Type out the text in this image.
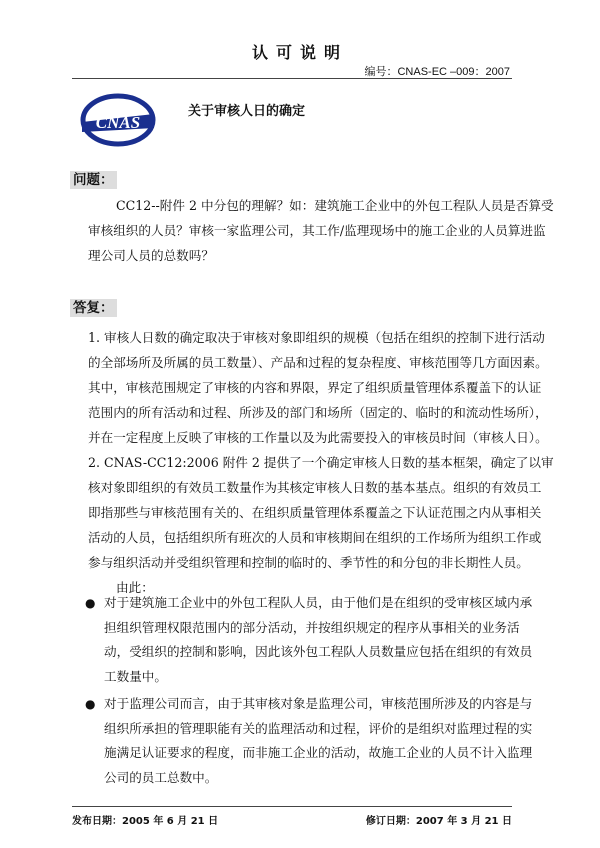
认可说明
编号：CNAS-EC –009：2007
CNAS
关于审核人日的确定
问题：
CC12--附件 2 中分包的理解？如：建筑施工企业中的外包工程队人员是否算受
审核组织的人员？审核一家监理公司，其工作/监理现场中的施工企业的人员算进监
理公司人员的总数吗？
答复：
1. 审核人日数的确定取决于审核对象即组织的规模（包括在组织的控制下进行活动
的全部场所及所属的员工数量）、产品和过程的复杂程度、审核范围等几方面因素。
其中，审核范围规定了审核的内容和界限，界定了组织质量管理体系覆盖下的认证
范围内的所有活动和过程、所涉及的部门和场所（固定的、临时的和流动性场所），
并在一定程度上反映了审核的工作量以及为此需要投入的审核员时间（审核人日）。
2. CNAS-CC12:2006 附件 2 提供了一个确定审核人日数的基本框架，确定了以审
核对象即组织的有效员工数量作为其核定审核人日数的基本基点。组织的有效员工
即指那些与审核范围有关的、在组织质量管理体系覆盖之下认证范围之内从事相关
活动的人员，包括组织所有班次的人员和审核期间在组织的工作场所为组织工作或
参与组织活动并受组织管理和控制的临时的、季节性的和分包的非长期性人员。
由此：
● 对于建筑施工企业中的外包工程队人员，由于他们是在组织的受审核区域内承
担组织管理权限范围内的部分活动，并按组织规定的程序从事相关的业务活
动，受组织的控制和影响，因此该外包工程队人员数量应包括在组织的有效员
工数量中。
● 对于监理公司而言，由于其审核对象是监理公司，审核范围所涉及的内容是与
组织所承担的管理职能有关的监理活动和过程，评价的是组织对监理过程的实
施满足认证要求的程度，而非施工企业的活动，故施工企业的人员不计入监理
公司的员工总数中。
发布日期：2005 年 6 月 21 日	修订日期：2007 年 3 月 21 日
